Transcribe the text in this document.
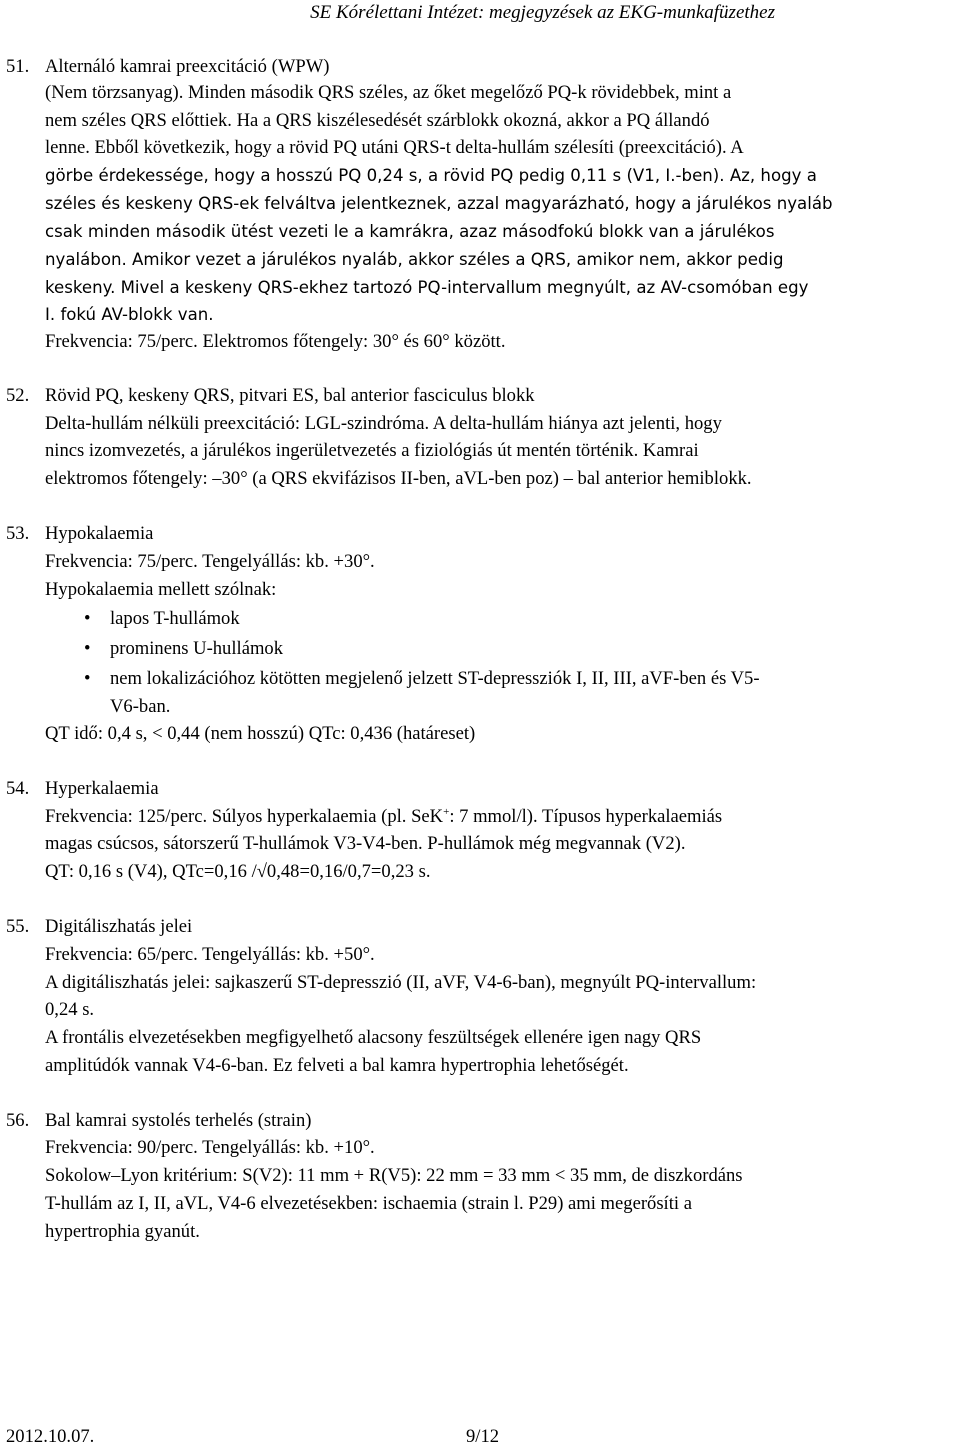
SE Kórélettani Intézet: megjegyzések az EKG-munkafüzethez
51. Alternáló kamrai preexcitáció (WPW)
(Nem törzsanyag). Minden második QRS széles, az őket megelőző PQ-k rövidebbek, mint a
nem széles QRS előttiek. Ha a QRS kiszélesedését szárblokk okozná, akkor a PQ állandó
lenne. Ebből következik, hogy a rövid PQ utáni QRS-t delta-hullám szélesíti (preexcitáció). A
görbe érdekessége, hogy a hosszú PQ 0,24 s, a rövid PQ pedig 0,11 s (V1, I.-ben). Az, hogy a
széles és keskeny QRS-ek felváltva jelentkeznek, azzal magyarázható, hogy a járulékos nyaláb
csak minden második ütést vezeti le a kamrákra, azaz másodfokú blokk van a járulékos
nyalábon. Amikor vezet a járulékos nyaláb, akkor széles a QRS, amikor nem, akkor pedig
keskeny. Mivel a keskeny QRS-ekhez tartozó PQ-intervallum megnyúlt, az AV-csomóban egy
I. fokú AV-blokk van.
Frekvencia: 75/perc. Elektromos főtengely: 30° és 60° között.
52. Rövid PQ, keskeny QRS, pitvari ES, bal anterior fasciculus blokk
Delta-hullám nélküli preexcitáció: LGL-szindróma. A delta-hullám hiánya azt jelenti, hogy
nincs izomvezetés, a járulékos ingerületvezetés a fiziológiás út mentén történik. Kamrai
elektromos főtengely: –30° (a QRS ekvifázisos II-ben, aVL-ben poz) – bal anterior hemiblokk.
53. Hypokalaemia
Frekvencia: 75/perc. Tengelyállás: kb. +30°.
Hypokalaemia mellett szólnak:
• lapos T-hullámok
• prominens U-hullámok
• nem lokalizációhoz kötötten megjelenő jelzett ST-depressziók I, II, III, aVF-ben és V5-
V6-ban.
QT idő: 0,4 s, < 0,44 (nem hosszú) QTc: 0,436 (határeset)
54. Hyperkalaemia
Frekvencia: 125/perc. Súlyos hyperkalaemia (pl. SeK+: 7 mmol/l). Típusos hyperkalaemiás
magas csúcsos, sátorszerű T-hullámok V3-V4-ben. P-hullámok még megvannak (V2).
QT: 0,16 s (V4), QTc=0,16 /√0,48=0,16/0,7=0,23 s.
55. Digitáliszhatás jelei
Frekvencia: 65/perc. Tengelyállás: kb. +50°.
A digitáliszhatás jelei: sajkaszerű ST-depresszió (II, aVF, V4-6-ban), megnyúlt PQ-intervallum:
0,24 s.
A frontális elvezetésekben megfigyelhető alacsony feszültségek ellenére igen nagy QRS
amplitúdók vannak V4-6-ban. Ez felveti a bal kamra hypertrophia lehetőségét.
56. Bal kamrai systolés terhelés (strain)
Frekvencia: 90/perc. Tengelyállás: kb. +10°.
Sokolow–Lyon kritérium: S(V2): 11 mm + R(V5): 22 mm = 33 mm < 35 mm, de diszkordáns
T-hullám az I, II, aVL, V4-6 elvezetésekben: ischaemia (strain l. P29) ami megerősíti a
hypertrophia gyanút.
2012.10.07.	9/12
